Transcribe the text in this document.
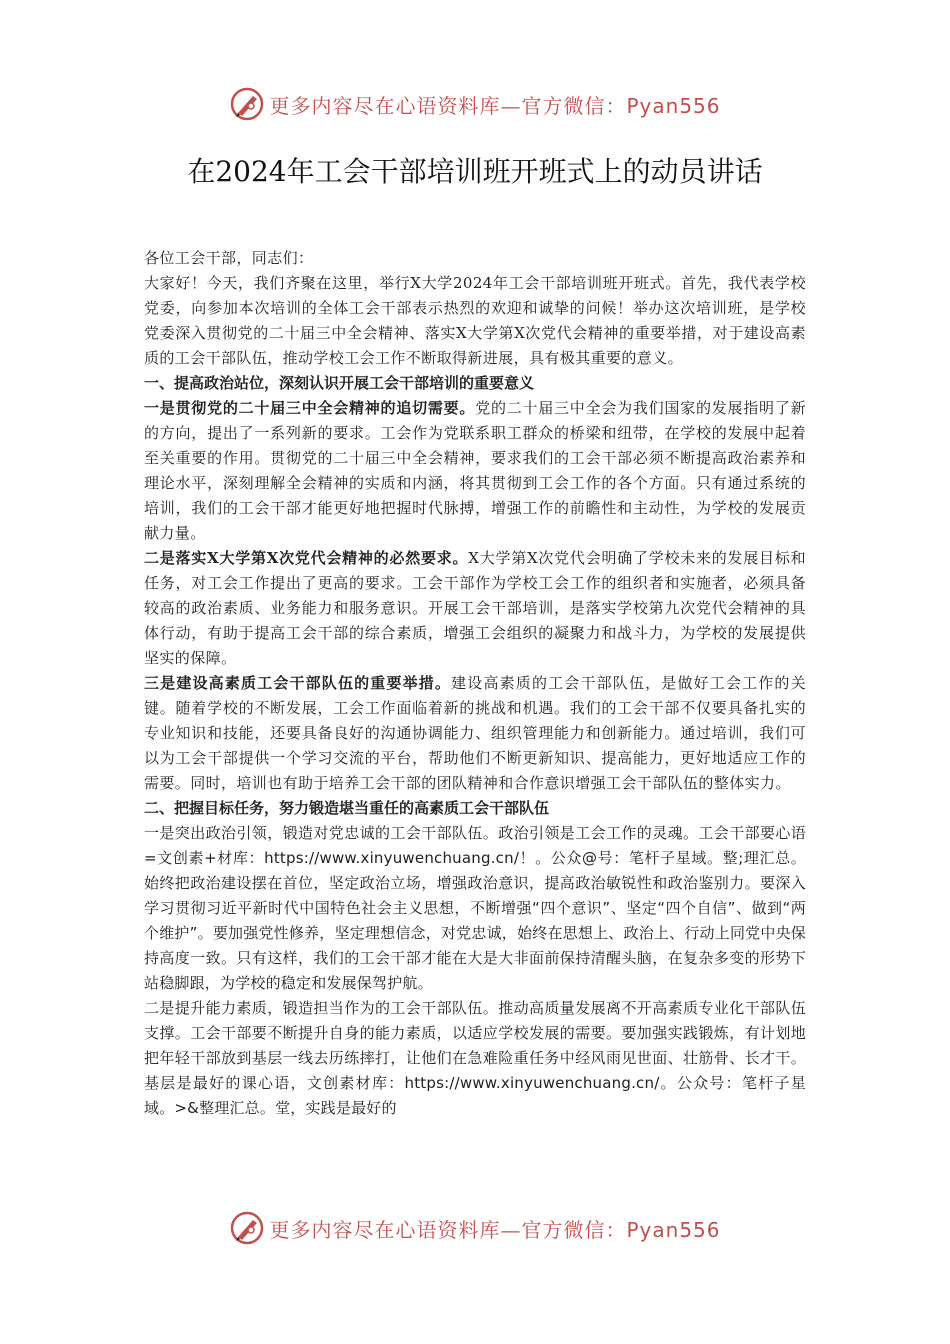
更多内容尽在心语资料库—官方微信：Pyan556
在2024年工会干部培训班开班式上的动员讲话

各位工会干部，同志们：

大家好！今天，我们齐聚在这里，举行X大学2024年工会干部培训班开班式。首先，我代表学校党委，向参加本次培训的全体工会干部表示热烈的欢迎和诚挚的问候！举办这次培训班，是学校党委深入贯彻党的二十届三中全会精神、落实X大学第X次党代会精神的重要举措，对于建设高素质的工会干部队伍，推动学校工会工作不断取得新进展，具有极其重要的意义。

一、提高政治站位，深刻认识开展工会干部培训的重要意义

一是贯彻党的二十届三中全会精神的追切需要。党的二十届三中全会为我们国家的发展指明了新的方向，提出了一系列新的要求。工会作为党联系职工群众的桥梁和纽带，在学校的发展中起着至关重要的作用。贯彻党的二十届三中全会精神，要求我们的工会干部必须不断提高政治素养和理论水平，深刻理解全会精神的实质和内涵，将其贯彻到工会工作的各个方面。只有通过系统的培训，我们的工会干部才能更好地把握时代脉搏，增强工作的前瞻性和主动性，为学校的发展贡献力量。

二是落实X大学第X次党代会精神的必然要求。X大学第X次党代会明确了学校未来的发展目标和任务，对工会工作提出了更高的要求。工会干部作为学校工会工作的组织者和实施者，必须具备较高的政治素质、业务能力和服务意识。开展工会干部培训，是落实学校第九次党代会精神的具体行动，有助于提高工会干部的综合素质，增强工会组织的凝聚力和战斗力，为学校的发展提供坚实的保障。

三是建设高素质工会干部队伍的重要举措。建设高素质的工会干部队伍，是做好工会工作的关键。随着学校的不断发展，工会工作面临着新的挑战和机遇。我们的工会干部不仅要具备扎实的专业知识和技能，还要具备良好的沟通协调能力、组织管理能力和创新能力。通过培训，我们可以为工会干部提供一个学习交流的平台，帮助他们不断更新知识、提高能力，更好地适应工作的需要。同时，培训也有助于培养工会干部的团队精神和合作意识增强工会干部队伍的整体实力。

二、把握目标任务，努力锻造堪当重任的高素质工会干部队伍

一是突出政治引领，锻造对党忠诚的工会干部队伍。政治引领是工会工作的灵魂。工会干部要心语=文创素+材库：https://www.xinyuwenchuang.cn/！。公众@号：笔杆子星域。整;理汇总。始终把政治建设摆在首位，坚定政治立场，增强政治意识，提高政治敏锐性和政治鉴别力。要深入学习贯彻习近平新时代中国特色社会主义思想，不断增强“四个意识”、坚定“四个自信”、做到“两个维护”。要加强党性修养，坚定理想信念，对党忠诚，始终在思想上、政治上、行动上同党中央保持高度一致。只有这样，我们的工会干部才能在大是大非面前保持清醒头脑，在复杂多变的形势下站稳脚跟，为学校的稳定和发展保驾护航。

二是提升能力素质，锻造担当作为的工会干部队伍。推动高质量发展离不开高素质专业化干部队伍支撑。工会干部要不断提升自身的能力素质，以适应学校发展的需要。要加强实践锻炼，有计划地把年轻干部放到基层一线去历练摔打，让他们在急难险重任务中经风雨见世面、壮筋骨、长才干。基层是最好的课心语，文创素材库：https://www.xinyuwenchuang.cn/。公众号：笔杆子星域。>&整理汇总。堂，实践是最好的

更多内容尽在心语资料库—官方微信：Pyan556
